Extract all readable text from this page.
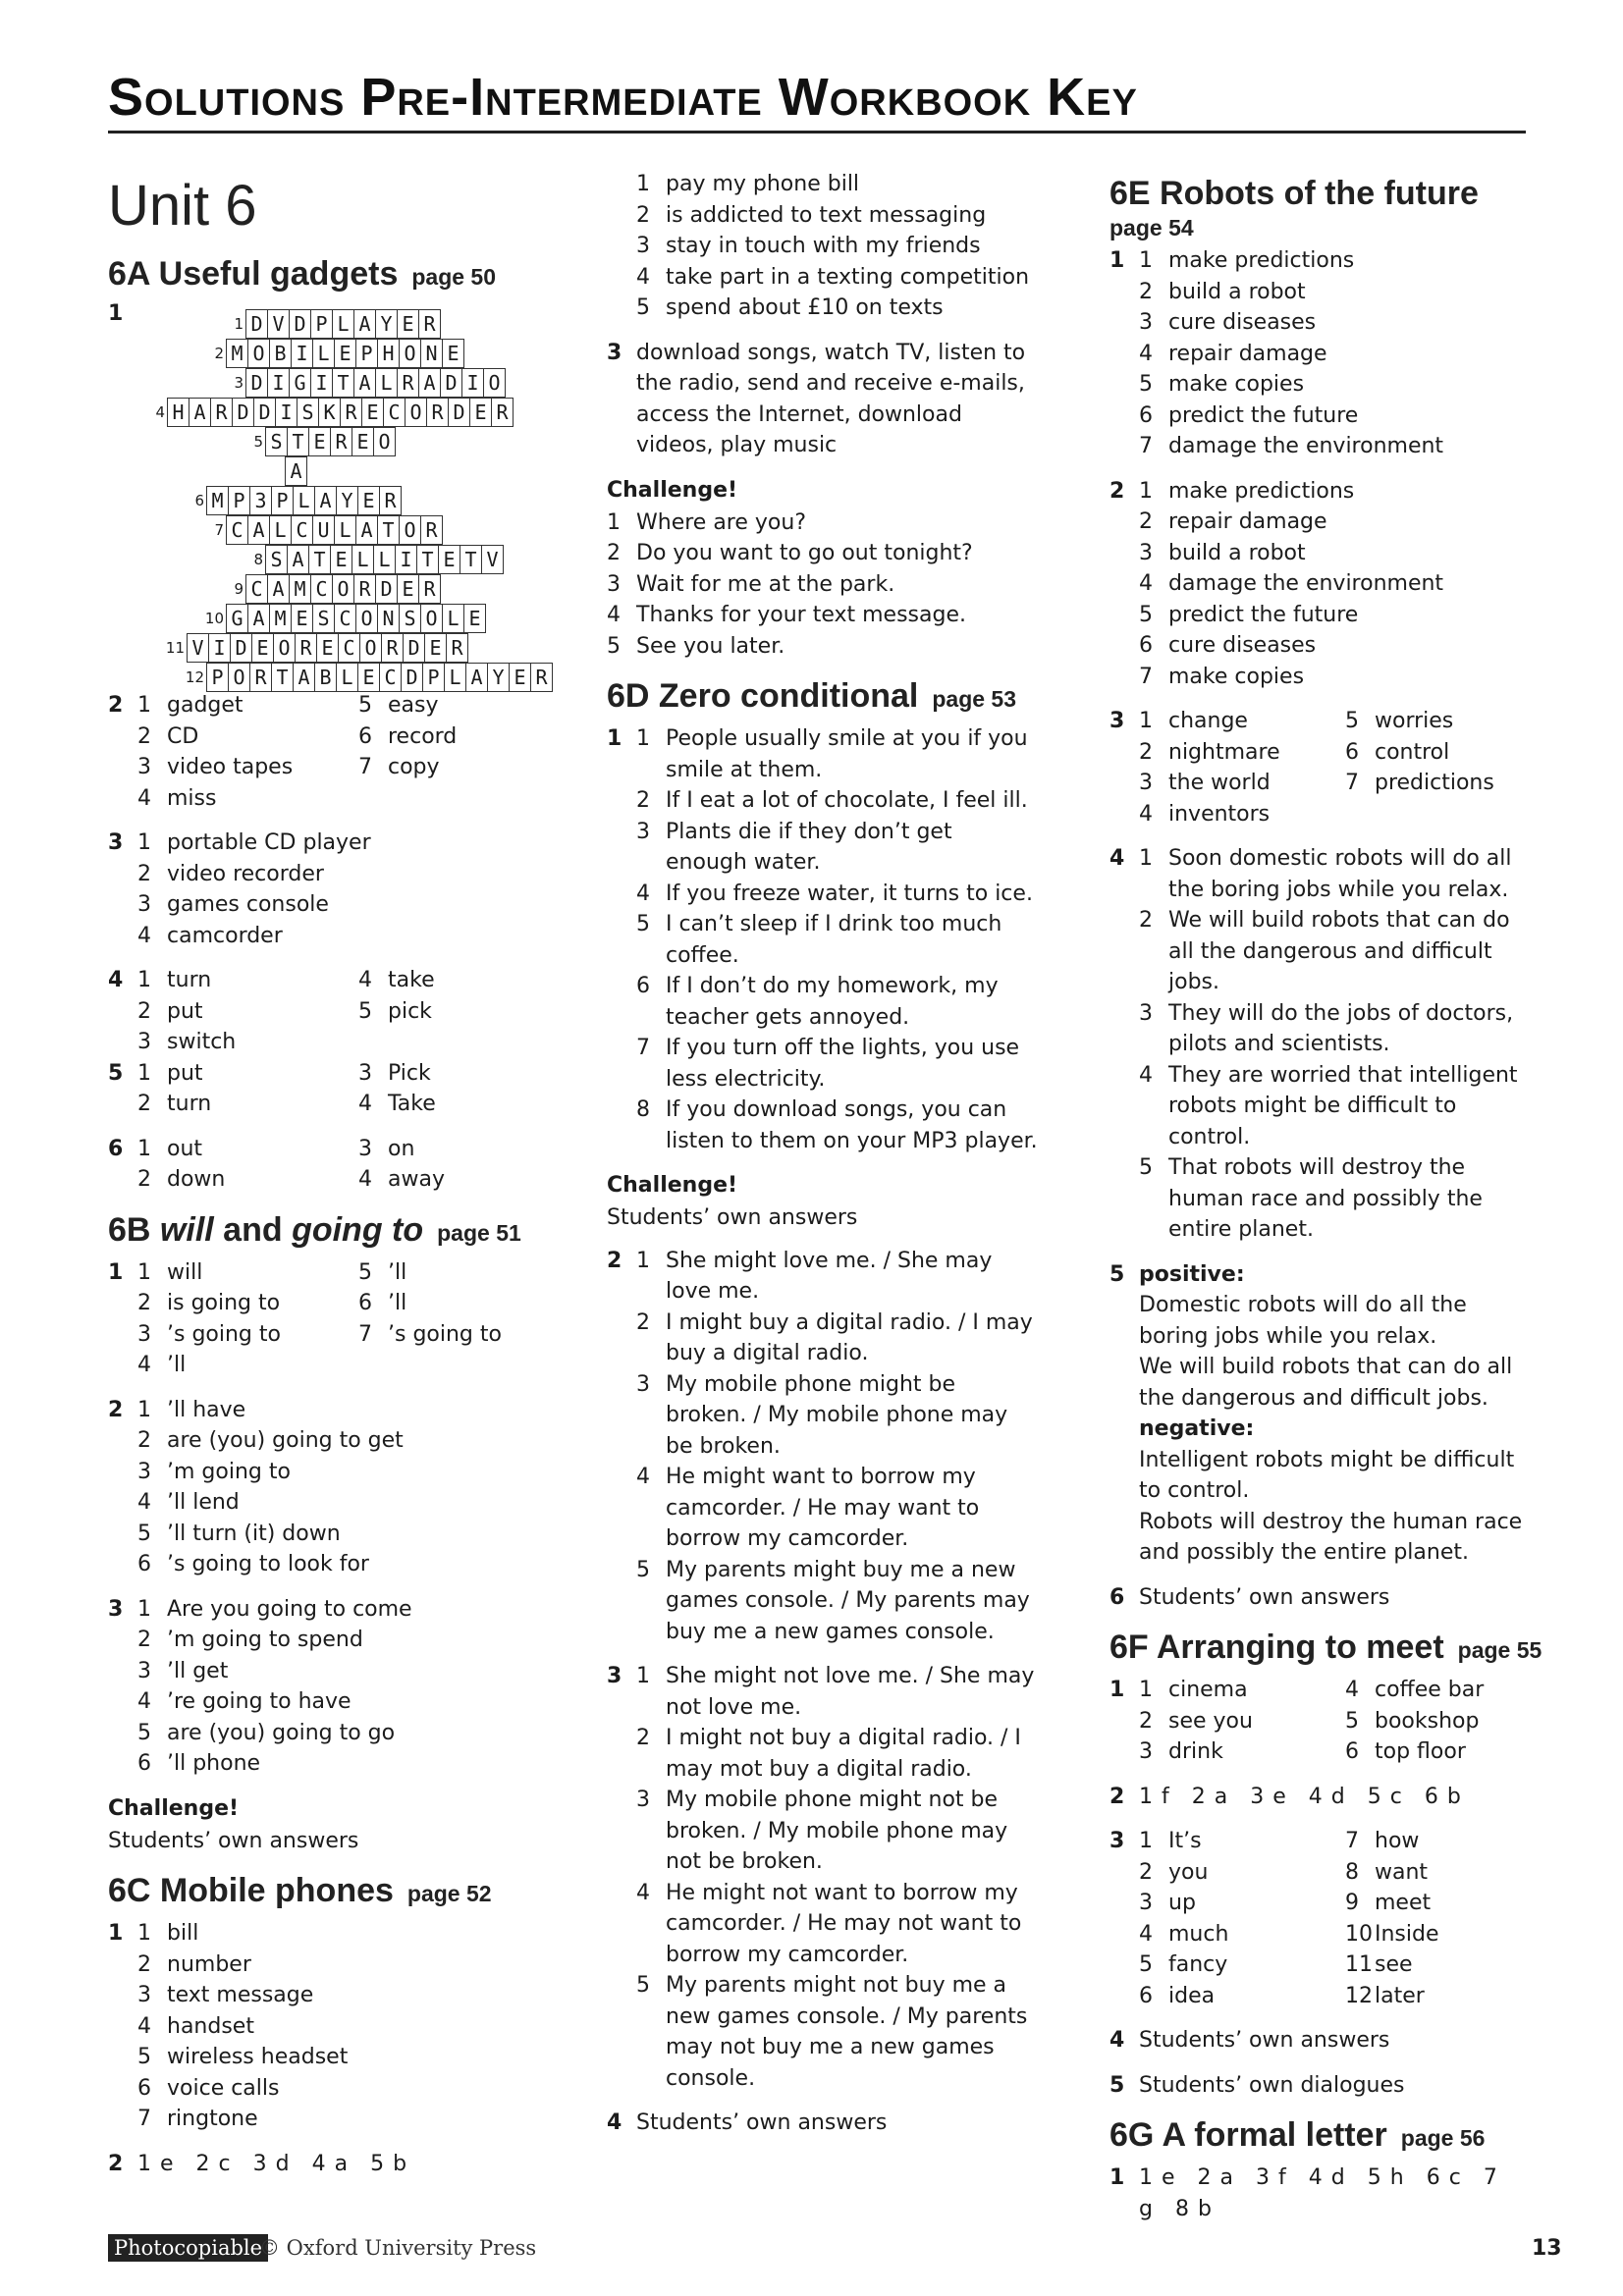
Solutions Pre-Intermediate Workbook Key
Unit 6
6A Useful gadgets page 50
1	1 D V D P L A Y E R
2 M O B I L E P H O N E
3 D I G I T A L R A D I O
4 H A R D D I S K R E C O R D E R
5 S T E R E O
A
6 M P 3 P L A Y E R
7 C A L C U L A T O R
8 S A T E L L I T E T V
9 C A M C O R D E R
10 G A M E S C O N S O L E
11 V I D E O R E C O R D E R
12 P O R T A B L E C D P L A Y E R
2 1 gadget	5 easy
2 CD	6 record
3 video tapes	7 copy
4 miss
3 1 portable CD player
2 video recorder
3 games console
4 camcorder
4 1 turn	4 take
2 put	5 pick
3 switch
5 1 put	3 Pick
2 turn	4 Take
6 1 out	3 on
2 down	4 away
6B will and going to page 51
1 1 will	5 ’ll
2 is going to	6 ’ll
3 ’s going to	7 ’s going to
4 ’ll
2 1 ’ll have
2 are (you) going to get
3 ’m going to
4 ’ll lend
5 ’ll turn (it) down
6 ’s going to look for
3 1 Are you going to come
2 ’m going to spend
3 ’ll get
4 ’re going to have
5 are (you) going to go
6 ’ll phone
Challenge!
Students’ own answers
6C Mobile phones page 52
1 1 bill
2 number
3 text message
4 handset
5 wireless headset
6 voice calls
7 ringtone
2 1 e 2 c 3 d 4 a 5 b
1 pay my phone bill
2 is addicted to text messaging
3 stay in touch with my friends
4 take part in a texting competition
5 spend about £10 on texts
3 download songs, watch TV, listen to the radio, send and receive e-mails, access the Internet, download videos, play music
Challenge!
1 Where are you?
2 Do you want to go out tonight?
3 Wait for me at the park.
4 Thanks for your text message.
5 See you later.
6D Zero conditional page 53
1 1 People usually smile at you if you smile at them.
2 If I eat a lot of chocolate, I feel ill.
3 Plants die if they don’t get enough water.
4 If you freeze water, it turns to ice.
5 I can’t sleep if I drink too much coffee.
6 If I don’t do my homework, my teacher gets annoyed.
7 If you turn off the lights, you use less electricity.
8 If you download songs, you can listen to them on your MP3 player.
Challenge!
Students’ own answers
2 1 She might love me. / She may love me.
2 I might buy a digital radio. / I may buy a digital radio.
3 My mobile phone might be broken. / My mobile phone may be broken.
4 He might want to borrow my camcorder. / He may want to borrow my camcorder.
5 My parents might buy me a new games console. / My parents may buy me a new games console.
3 1 She might not love me. / She may not love me.
2 I might not buy a digital radio. / I may mot buy a digital radio.
3 My mobile phone might not be broken. / My mobile phone may not be broken.
4 He might not want to borrow my camcorder. / He may not want to borrow my camcorder.
5 My parents might not buy me a new games console. / My parents may not buy me a new games console.
4 Students’ own answers
6E Robots of the future
page 54
1 1 make predictions
2 build a robot
3 cure diseases
4 repair damage
5 make copies
6 predict the future
7 damage the environment
2 1 make predictions
2 repair damage
3 build a robot
4 damage the environment
5 predict the future
6 cure diseases
7 make copies
3 1 change	5 worries
2 nightmare	6 control
3 the world	7 predictions
4 inventors
4 1 Soon domestic robots will do all the boring jobs while you relax.
2 We will build robots that can do all the dangerous and difficult jobs.
3 They will do the jobs of doctors, pilots and scientists.
4 They are worried that intelligent robots might be difficult to control.
5 That robots will destroy the human race and possibly the entire planet.
5 positive:
Domestic robots will do all the boring jobs while you relax.
We will build robots that can do all the dangerous and difficult jobs.
negative:
Intelligent robots might be difficult to control.
Robots will destroy the human race and possibly the entire planet.
6 Students’ own answers
6F Arranging to meet page 55
1 1 cinema	4 coffee bar
2 see you	5 bookshop
3 drink	6 top floor
2 1 f 2 a 3 e 4 d 5 c 6 b
3 1 It’s	7 how
2 you	8 want
3 up	9 meet
4 much	10 Inside
5 fancy	11 see
6 idea	12 later
4 Students’ own answers
5 Students’ own dialogues
6G A formal letter page 56
1 1 e 2 a 3 f 4 d 5 h 6 c 7 g 8 b
Photocopiable
© Oxford University Press	13
